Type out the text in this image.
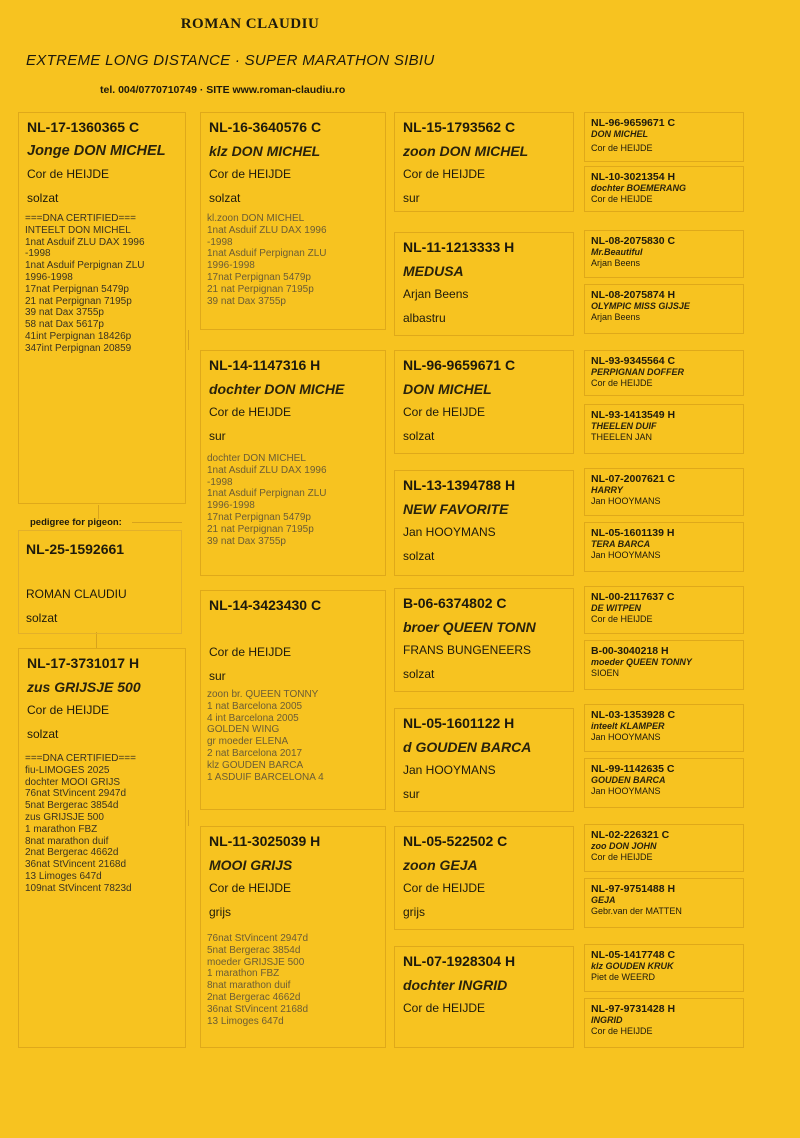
ROMAN CLAUDIU
EXTREME LONG DISTANCE · SUPER MARATHON SIBIU
tel. 004/0770710749 · SITE www.roman-claudiu.ro
NL-17-1360365 C
Jonge DON MICHEL
Cor de HEIJDE
solzat
===DNA CERTIFIED===
INTEELT DON MICHEL
1nat Asduif ZLU DAX 1996
-1998
1nat Asduif Perpignan ZLU
1996-1998
17nat Perpignan 5479p
21 nat Perpignan 7195p
39 nat Dax 3755p
58 nat Dax 5617p
41int Perpignan 18426p
347int Perpignan 20859
pedigree for pigeon:
NL-25-1592661
ROMAN CLAUDIU
solzat
NL-17-3731017 H
zus GRIJSJE 500
Cor de HEIJDE
solzat
===DNA CERTIFIED===
fiu-LIMOGES 2025
dochter MOOI GRIJS
76nat StVincent 2947d
5nat Bergerac 3854d
zus GRIJSJE 500
1 marathon FBZ
8nat marathon duif
2nat Bergerac 4662d
36nat StVincent 2168d
13 Limoges 647d
109nat StVincent 7823d
NL-16-3640576 C
klz DON MICHEL
Cor de HEIJDE
solzat
kl.zoon DON MICHEL
1nat Asduif ZLU DAX 1996
-1998
1nat Asduif Perpignan ZLU
1996-1998
17nat Perpignan 5479p
21 nat Perpignan 7195p
39 nat Dax 3755p
NL-14-1147316 H
dochter DON MICHE
Cor de HEIJDE
sur
dochter DON MICHEL
1nat Asduif ZLU DAX 1996
-1998
1nat Asduif Perpignan ZLU
1996-1998
17nat Perpignan 5479p
21 nat Perpignan 7195p
39 nat Dax 3755p
NL-14-3423430 C
Cor de HEIJDE
sur
zoon br. QUEEN TONNY
1 nat Barcelona 2005
4 int Barcelona 2005
GOLDEN WING
gr moeder ELENA
2 nat Barcelona 2017
klz GOUDEN BARCA
1 ASDUIF BARCELONA 4
NL-11-3025039 H
MOOI GRIJS
Cor de HEIJDE
grijs
76nat StVincent 2947d
5nat Bergerac 3854d
moeder GRIJSJE 500
1 marathon FBZ
8nat marathon duif
2nat Bergerac 4662d
36nat StVincent 2168d
13 Limoges 647d
NL-15-1793562 C
zoon DON MICHEL
Cor de HEIJDE
sur
NL-11-1213333 H
MEDUSA
Arjan Beens
albastru
NL-96-9659671 C
DON MICHEL
Cor de HEIJDE
solzat
NL-13-1394788 H
NEW FAVORITE
Jan HOOYMANS
solzat
B-06-6374802 C
broer QUEEN TONN
FRANS BUNGENEERS
solzat
NL-05-1601122 H
d GOUDEN BARCA
Jan HOOYMANS
sur
NL-05-522502 C
zoon GEJA
Cor de HEIJDE
grijs
NL-07-1928304 H
dochter INGRID
Cor de HEIJDE
NL-96-9659671 C
DON MICHEL
Cor de HEIJDE
NL-10-3021354 H
dochter BOEMERANG
Cor de HEIJDE
NL-08-2075830 C
Mr.Beautiful
Arjan Beens
NL-08-2075874 H
OLYMPIC MISS GIJSJE
Arjan Beens
NL-93-9345564 C
PERPIGNAN DOFFER
Cor de HEIJDE
NL-93-1413549 H
THEELEN DUIF
THEELEN JAN
NL-07-2007621 C
HARRY
Jan HOOYMANS
NL-05-1601139 H
TERA BARCA
Jan HOOYMANS
NL-00-2117637 C
DE WITPEN
Cor de HEIJDE
B-00-3040218 H
moeder QUEEN TONNY
SIOEN
NL-03-1353928 C
inteelt KLAMPER
Jan HOOYMANS
NL-99-1142635 C
GOUDEN BARCA
Jan HOOYMANS
NL-02-226321 C
zoo DON JOHN
Cor de HEIJDE
NL-97-9751488 H
GEJA
Gebr.van der MATTEN
NL-05-1417748 C
klz GOUDEN KRUK
Piet de WEERD
NL-97-9731428 H
INGRID
Cor de HEIJDE
